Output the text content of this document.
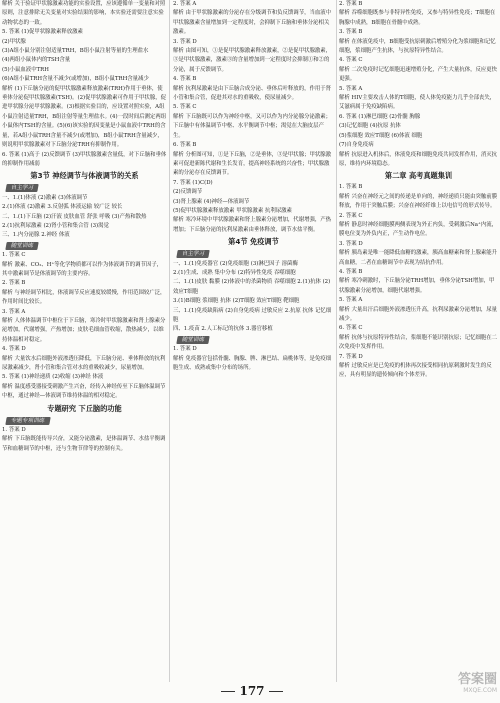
解析 关于验证甲状腺激素功能的实验设置，应该遵循单一变量和对照原则，注意排除无关变量对实验结果的影响，本实验还需要注意实验动物状态的一致。

5. 答案 (1)促甲状腺激素释放激素

(2)甲状腺

(3)A组小鼠分别注射适量TRH，B组小鼠注射等量的生理盐水

(4)两组小鼠体内的TSH含量

(5)小鼠血液中TRH

(6)A组小鼠TRH含量不减少(或增加)，B组小鼠TRH含量减少

解析 (1)下丘脑分泌的促甲状腺激素释放激素(TRH)作用于垂体，使垂体分泌促甲状腺激素(TSH)。(2)促甲状腺激素可作用于甲状腺，促进甲状腺分泌甲状腺激素。(3)根据实验目的，应设置对照实验，A组小鼠注射适量TRH，B组注射等量生理盐水。(4)一段时间后测定两组小鼠体内TSH的含量。(5)(6)该实验的因变量是小鼠血液中TRH的含量，若A组小鼠TRH含量不减少(或增加)，B组小鼠TRH含量减少，则说明甲状腺激素对下丘脑分泌TRH有抑制作用。

6. 答案 (1)高于 (2)反馈调节 (3)甲状腺激素含量低，对下丘脑和垂体的抑制作用减弱

第3节 神经调节与体液调节的关系
自主学习

一、1.(1)体液 (2)激素 (3)体液调节

2.(1)体液 (2)激素 3.反射弧 体液运输 较广泛 较长

二、1.(1)下丘脑 (2)汗液 皮肤血管 舒张 呼吸 (3)产热和散热

2.(1)抗利尿激素 (2)肾小管和集合管 (3)渴觉

三、1.内分泌腺 2.神经 体液

随堂训练

1. 答案 C

解析 激素、CO₂、H⁺等化学物质都可以作为体液调节的调节因子，其中激素调节是体液调节的主要内容。

2. 答案 B

解析 与神经调节相比，体液调节反应速度较缓慢，作用范围较广泛，作用时间比较长。

3. 答案 A

解析 人体体温调节中枢位于下丘脑，寒冷时甲状腺激素和肾上腺素分泌增加，代谢增强，产热增加；皮肤毛细血管收缩，散热减少，以维持体温相对稳定。

4. 答案 D

解析 大量饮水后细胞外液渗透压降低，下丘脑分泌、垂体释放的抗利尿激素减少，肾小管和集合管对水的重吸收减少，尿量增加。

5. 答案 (1)神经递质 (2)收缩 (3)神经 体液

解析 温度感受器接受刺激产生兴奋，经传入神经传至下丘脑体温调节中枢，通过神经—体液调节维持体温的相对稳定。

专题研究 下丘脑的功能
专题专项训练

1. 答案 D

解析 下丘脑既能传导兴奋，又能分泌激素，是体温调节、水盐平衡调节和血糖调节的中枢，还与生物节律等的控制有关。

2. 答案 A

解析 由于甲状腺激素的分泌存在分级调节和负反馈调节，当血液中甲状腺激素含量增加到一定程度时，会抑制下丘脑和垂体分泌相关激素。

3. 答案 D

解析 由图可知，①是促甲状腺激素释放激素，②是促甲状腺激素，③是甲状腺激素，激素③的含量增加到一定程度时会抑制①和②的分泌，属于反馈调节。

4. 答案 B

解析 抗利尿激素是由下丘脑合成分泌、垂体后叶释放的，作用于肾小管和集合管，促进其对水的重吸收，使尿量减少。

5. 答案 C

解析 下丘脑既可以作为神经中枢，又可以作为内分泌腺分泌激素；下丘脑中有体温调节中枢、水平衡调节中枢；渴觉在大脑皮层产生。

6. 答案 B

解析 分析图可知，①是下丘脑，②是垂体，③是甲状腺；甲状腺激素可促进新陈代谢和生长发育，提高神经系统的兴奋性；甲状腺激素的分泌存在反馈调节。

7. 答案 (1)C(D)

(2)反馈调节

(3)肾上腺素 (4)神经—体液调节

(5)促甲状腺激素释放激素 甲状腺激素 抗利尿激素

解析 寒冷环境中甲状腺激素和肾上腺素分泌增加，代谢增强，产热增加；下丘脑分泌的抗利尿激素由垂体释放，调节水盐平衡。

第4节 免疫调节
自主学习

一、1.(1)免疫器官 (2)免疫细胞 (3)淋巴因子 溶菌酶

2.(1)生成、成熟 集中分布 (2)特异性免疫 吞噬细胞

二、1.(1)皮肤 黏膜 (2)体液中的杀菌物质 吞噬细胞 2.(1)抗体 (2)效应T细胞

3.(1)B细胞 浆细胞 抗体 (2)T细胞 效应T细胞 靶细胞

三、1.(1)免疫缺陷病 (2)自身免疫病 过敏反应 2.抗原 抗体 记忆细胞

四、1.疫苗 2.人工标记的抗体 3.器官移植

随堂训练

1. 答案 D

解析 免疫器官包括骨髓、胸腺、脾、淋巴结、扁桃体等，是免疫细胞生成、成熟或集中分布的场所。

2. 答案 B

解析 吞噬细胞既参与非特异性免疫，又参与特异性免疫；T细胞在胸腺中成熟，B细胞在骨髓中成熟。

3. 答案 B

解析 在体液免疫中，B细胞受抗原刺激后增殖分化为浆细胞和记忆细胞，浆细胞产生抗体，与抗原特异性结合。

4. 答案 C

解析 二次免疫时记忆细胞迅速增殖分化，产生大量抗体，反应更快更强。

5. 答案 A

解析 HIV主要攻击人体的T细胞，使人体免疫能力几乎全部丧失，艾滋病属于免疫缺陷病。

6. 答案 (1)淋巴细胞 (2)骨髓 胸腺

(3)记忆细胞 (4)抗原 抗体

(5)浆细胞 效应T细胞 (6)体液 细胞

(7)自身免疫病

解析 抗原进入机体后，体液免疫和细胞免疫共同发挥作用，消灭抗原，维持内环境稳态。

第二章 高考真题集训

1. 答案 B

解析 兴奋在神经元之间的传递是单向的，神经递质只能由突触前膜释放，作用于突触后膜；兴奋在神经纤维上以电信号的形式传导。

2. 答案 C

解析 静息时神经细胞膜两侧表现为外正内负，受刺激后Na⁺内流，膜电位变为外负内正，产生动作电位。

3. 答案 D

解析 胰岛素是唯一能降低血糖的激素，胰高血糖素和肾上腺素能升高血糖，二者在血糖调节中表现为拮抗作用。

4. 答案 B

解析 寒冷刺激时，下丘脑分泌TRH增加，垂体分泌TSH增加，甲状腺激素分泌增加，细胞代谢增强。

5. 答案 A

解析 大量出汗后细胞外液渗透压升高，抗利尿激素分泌增加，尿量减少。

6. 答案 C

解析 抗体与抗原特异性结合，浆细胞不能识别抗原；记忆细胞在二次免疫中发挥作用。

7. 答案 D

解析 过敏反应是已免疫的机体再次接受相同抗原刺激时发生的反应，具有明显的遗传倾向和个体差异。

177
答案圈
MXQE.COM
